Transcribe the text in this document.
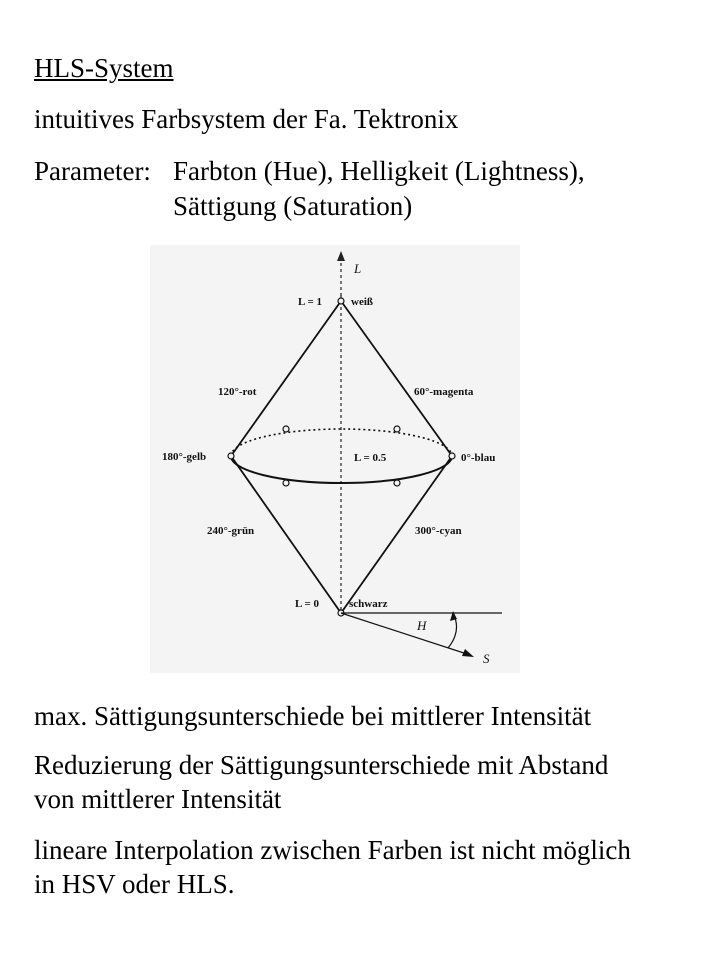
HLS-System
intuitives Farbsystem der Fa. Tektronix
Parameter: Farbton (Hue), Helligkeit (Lightness),
Sättigung (Saturation)
L
L = 1	weiß
120°-rot	60°-magenta
180°-gelb	L = 0.5	0°-blau
240°-grün	300°-cyan
L = 0	schwarz
H
S
max. Sättigungsunterschiede bei mittlerer Intensität
Reduzierung der Sättigungsunterschiede mit Abstand
von mittlerer Intensität
lineare Interpolation zwischen Farben ist nicht möglich
in HSV oder HLS.
